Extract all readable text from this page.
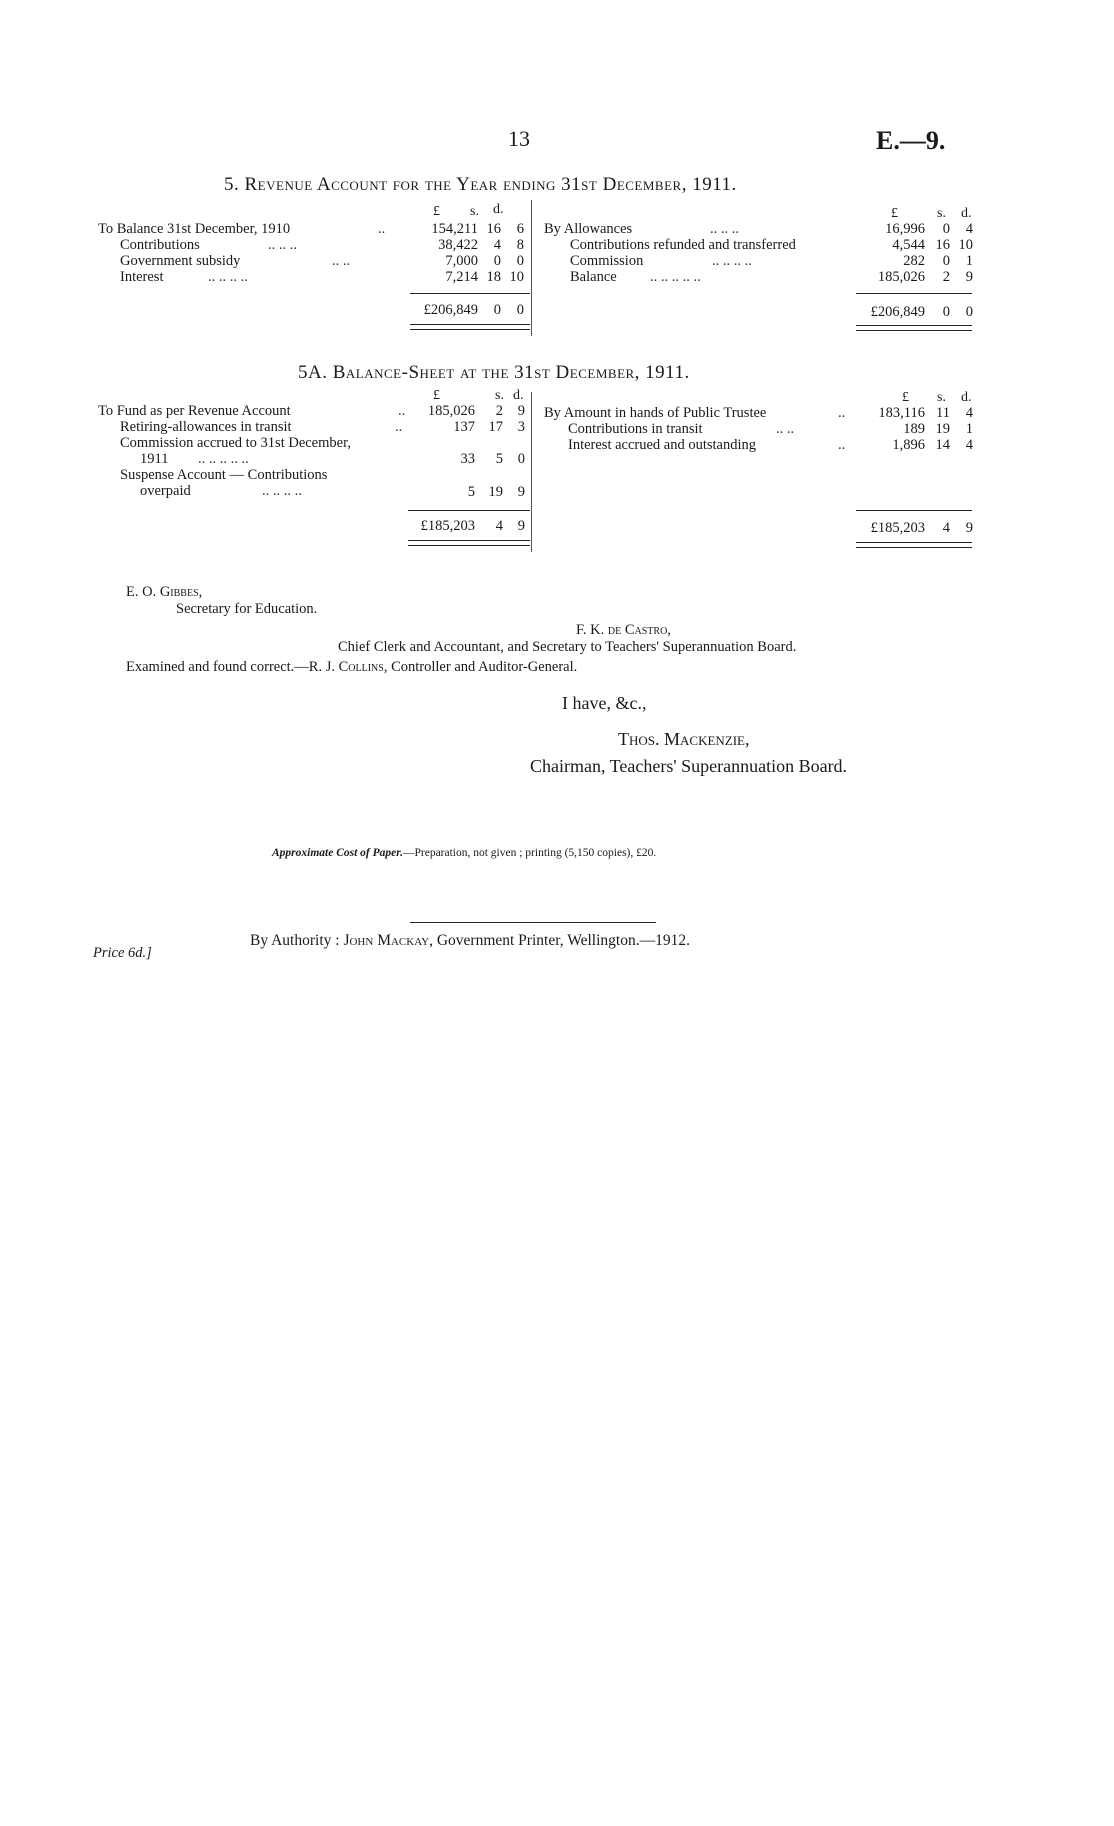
13	E.—9.
5. Revenue Account for the Year ending 31st December, 1911.
£ s. d.	£	s. d.
To Balance 31st December, 1910	..	154,211 16	6
Contributions	.. .. ..	38,422	4	8
Government subsidy	.. ..	7,000	0	0
Interest	.. .. .. ..	7,214 18 10
£206,849	0	0
By Allowances	.. .. ..	16,996	0	4
Contributions refunded and transferred	4,544 16 10
Commission	.. .. .. ..	282	0	1
Balance .. .. .. .. ..	185,026	2	9
£206,849	0	0
5A. Balance-Sheet at the 31st December, 1911.
£	s. d.	£ s. d.
To Fund as per Revenue Account	..	185,026	2	9
Retiring-allowances in transit	..	137 17	3
Commission accrued to 31st December,
1911 .. .. .. .. ..	33	5	0
Suspense Account — Contributions
overpaid	.. .. .. ..	5 19	9
£185,203	4	9
By Amount in hands of Public Trustee	..	183,116 11	4
Contributions in transit	.. ..	189 19	1
Interest accrued and outstanding	..	1,896 14	4
£185,203	4	9
E. O. Gibbes,
Secretary for Education.
F. K. de Castro,
Chief Clerk and Accountant, and Secretary to Teachers' Superannuation Board.
Examined and found correct.—R. J. Collins, Controller and Auditor-General.
I have, &c.,
Thos. Mackenzie,
Chairman, Teachers' Superannuation Board.
Approximate Cost of Paper.—Preparation, not given ; printing (5,150 copies), £20.
Price 6d.]
By Authority : John Mackay, Government Printer, Wellington.—1912.
